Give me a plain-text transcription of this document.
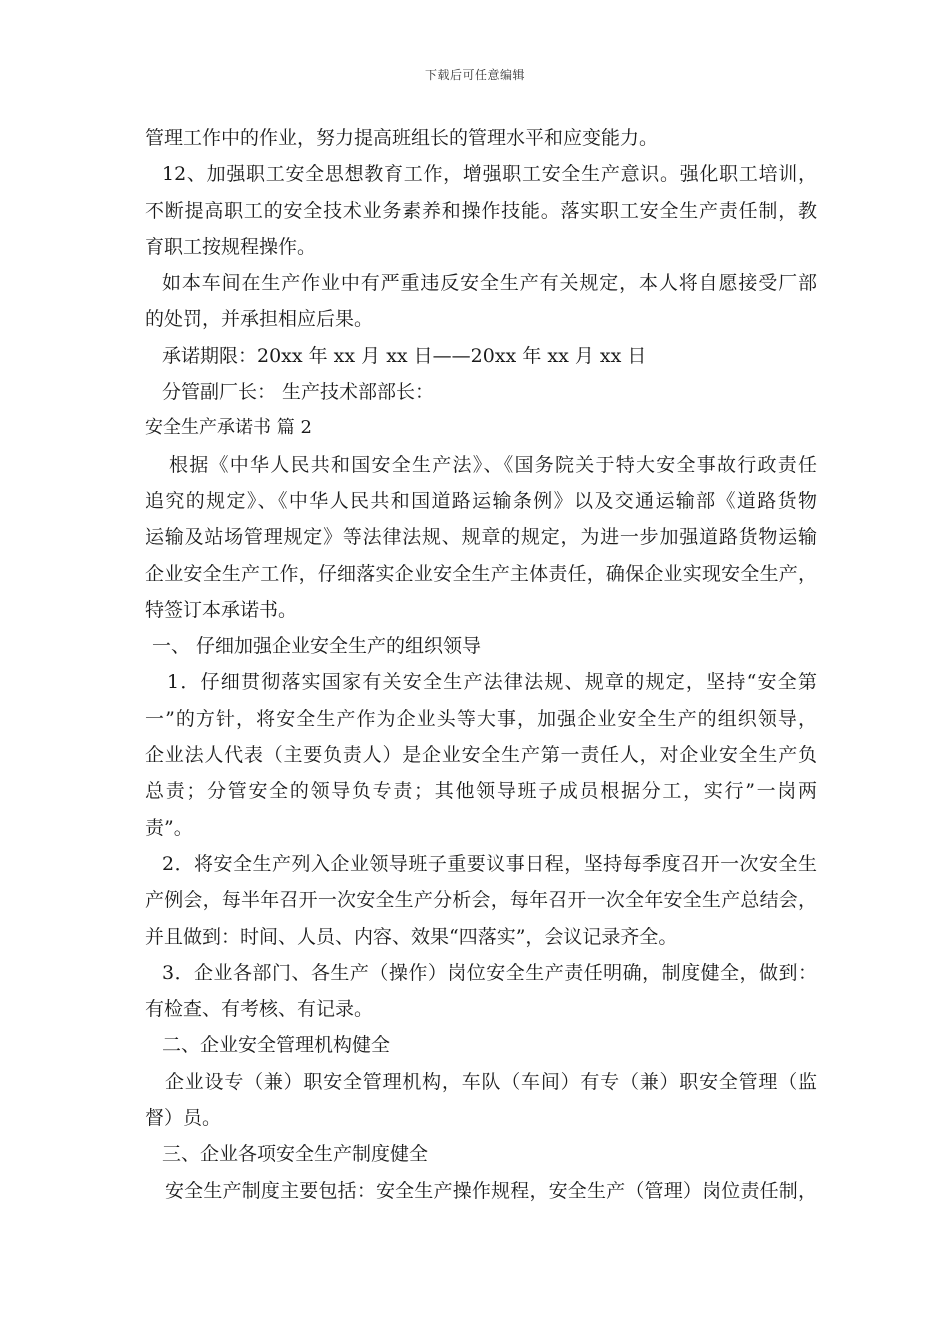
下载后可任意编辑
管理工作中的作业，努力提高班组长的管理水平和应变能力。
12、加强职工安全思想教育工作，增强职工安全生产意识。强化职工培训，
不断提高职工的安全技术业务素养和操作技能。落实职工安全生产责任制，教
育职工按规程操作。
如本车间在生产作业中有严重违反安全生产有关规定，本人将自愿接受厂部
的处罚，并承担相应后果。
承诺期限：20xx 年 xx 月 xx 日——20xx 年 xx 月 xx 日
分管副厂长： 生产技术部部长：
安全生产承诺书 篇 2
根据《中华人民共和国安全生产法》、《国务院关于特大安全事故行政责任
追究的规定》、《中华人民共和国道路运输条例》以及交通运输部《道路货物
运输及站场管理规定》等法律法规、规章的规定，为进一步加强道路货物运输
企业安全生产工作，仔细落实企业安全生产主体责任，确保企业实现安全生产，
特签订本承诺书。
一、 仔细加强企业安全生产的组织领导
1．仔细贯彻落实国家有关安全生产法律法规、规章的规定，坚持“安全第
一”的方针，将安全生产作为企业头等大事，加强企业安全生产的组织领导，
企业法人代表（主要负责人）是企业安全生产第一责任人，对企业安全生产负
总责；分管安全的领导负专责；其他领导班子成员根据分工，实行”一岗两
责”。
2．将安全生产列入企业领导班子重要议事日程，坚持每季度召开一次安全生
产例会，每半年召开一次安全生产分析会，每年召开一次全年安全生产总结会，
并且做到：时间、人员、内容、效果“四落实”，会议记录齐全。
3．企业各部门、各生产（操作）岗位安全生产责任明确，制度健全，做到：
有检查、有考核、有记录。
二、企业安全管理机构健全
企业设专（兼）职安全管理机构，车队（车间）有专（兼）职安全管理（监
督）员。
三、企业各项安全生产制度健全
安全生产制度主要包括：安全生产操作规程，安全生产（管理）岗位责任制，
